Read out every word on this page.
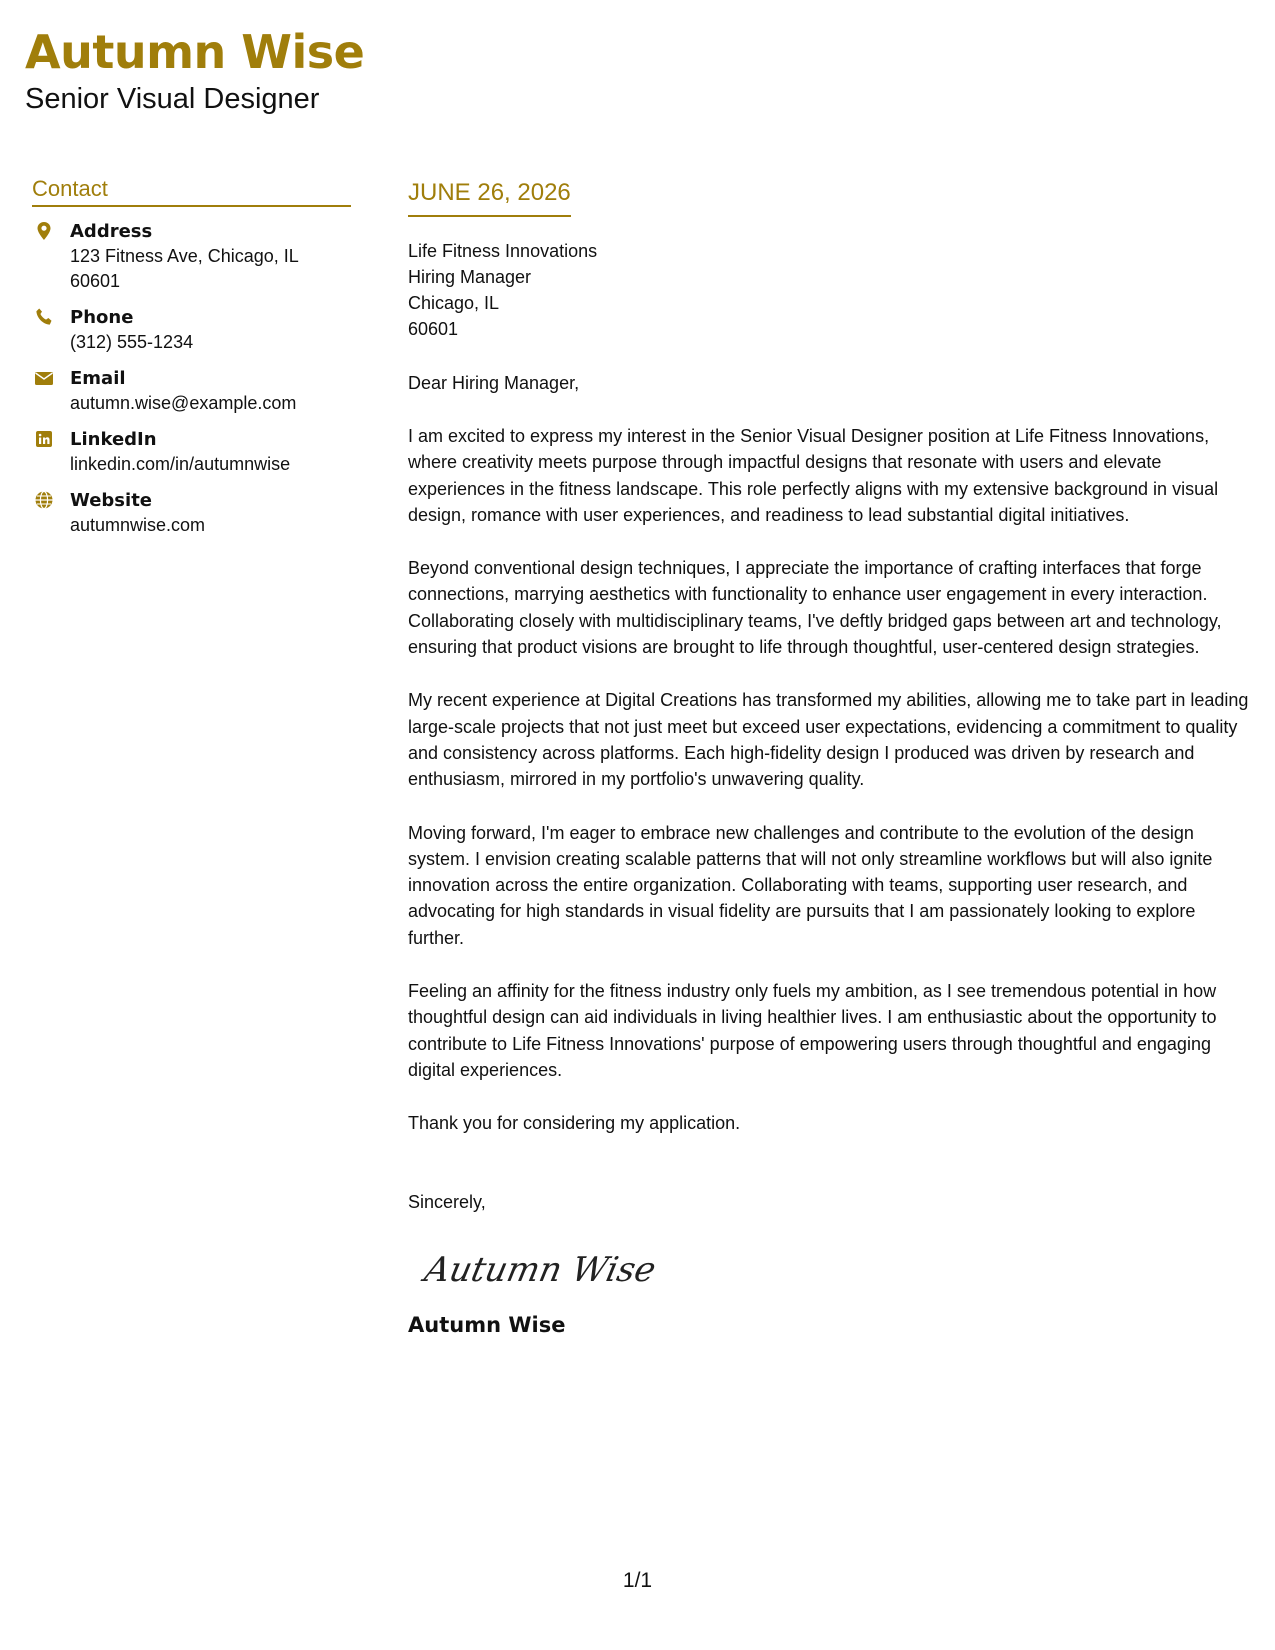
Autumn Wise
Senior Visual Designer
Contact
Address
123 Fitness Ave, Chicago, IL
60601
Phone
(312) 555-1234
Email
autumn.wise@example.com
LinkedIn
linkedin.com/in/autumnwise
Website
autumnwise.com
JUNE 26, 2026
Life Fitness Innovations
Hiring Manager
Chicago, IL
60601
Dear Hiring Manager,

I am excited to express my interest in the Senior Visual Designer position at Life Fitness Innovations, where creativity meets purpose through impactful designs that resonate with users and elevate experiences in the fitness landscape. This role perfectly aligns with my extensive background in visual design, romance with user experiences, and readiness to lead substantial digital initiatives.

Beyond conventional design techniques, I appreciate the importance of crafting interfaces that forge connections, marrying aesthetics with functionality to enhance user engagement in every interaction. Collaborating closely with multidisciplinary teams, I've deftly bridged gaps between art and technology, ensuring that product visions are brought to life through thoughtful, user-centered design strategies.

My recent experience at Digital Creations has transformed my abilities, allowing me to take part in leading large-scale projects that not just meet but exceed user expectations, evidencing a commitment to quality and consistency across platforms. Each high-fidelity design I produced was driven by research and enthusiasm, mirrored in my portfolio's unwavering quality.

Moving forward, I'm eager to embrace new challenges and contribute to the evolution of the design system. I envision creating scalable patterns that will not only streamline workflows but will also ignite innovation across the entire organization. Collaborating with teams, supporting user research, and advocating for high standards in visual fidelity are pursuits that I am passionately looking to explore further.

Feeling an affinity for the fitness industry only fuels my ambition, as I see tremendous potential in how thoughtful design can aid individuals in living healthier lives. I am enthusiastic about the opportunity to contribute to Life Fitness Innovations' purpose of empowering users through thoughtful and engaging digital experiences.

Thank you for considering my application.

Sincerely,
Autumn Wise
Autumn Wise
1/1
